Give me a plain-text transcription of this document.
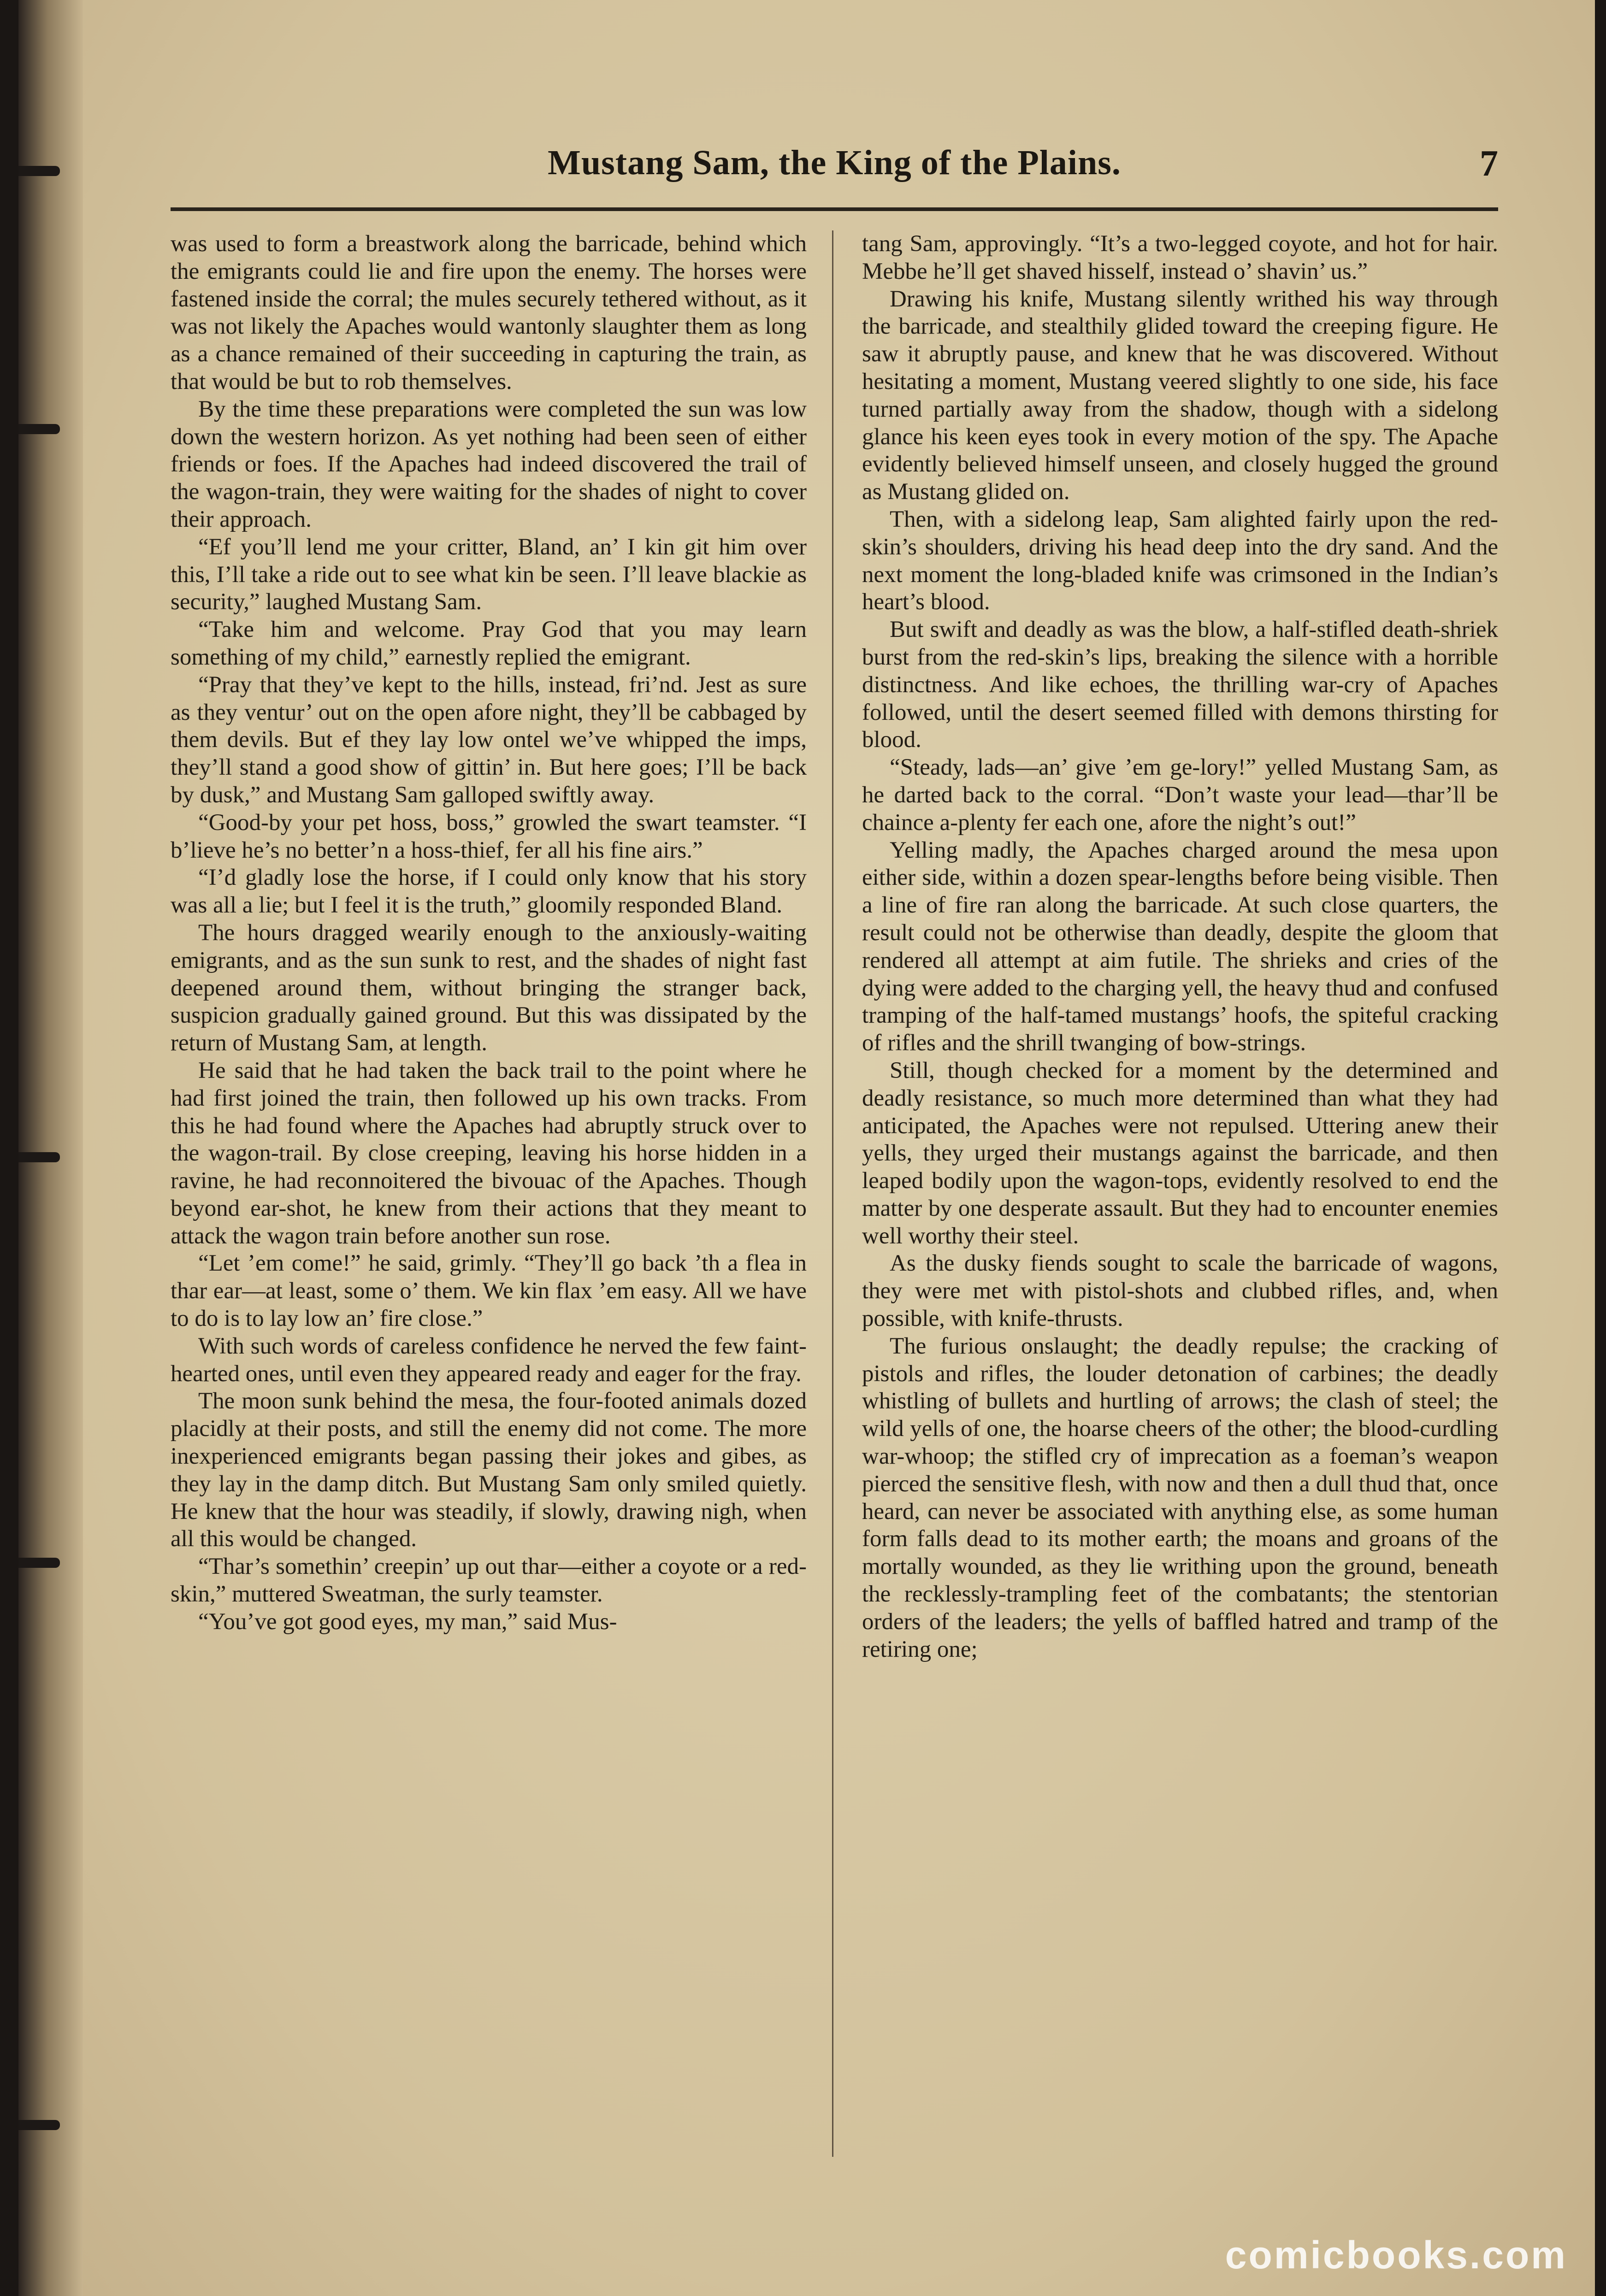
Mustang Sam, the King of the Plains.	7

was used to form a breastwork along the barricade, behind which the emigrants could lie and fire upon the enemy. The horses were fastened inside the corral; the mules securely tethered without, as it was not likely the Apaches would wantonly slaughter them as long as a chance remained of their succeeding in capturing the train, as that would be but to rob themselves.

By the time these preparations were completed the sun was low down the western horizon. As yet nothing had been seen of either friends or foes. If the Apaches had indeed discovered the trail of the wagon-train, they were waiting for the shades of night to cover their approach.

“Ef you’ll lend me your critter, Bland, an’ I kin git him over this, I’ll take a ride out to see what kin be seen. I’ll leave blackie as security,” laughed Mustang Sam.

“Take him and welcome. Pray God that you may learn something of my child,” earnestly replied the emigrant.

“Pray that they’ve kept to the hills, instead, fri’nd. Jest as sure as they ventur’ out on the open afore night, they’ll be cabbaged by them devils. But ef they lay low ontel we’ve whipped the imps, they’ll stand a good show of gittin’ in. But here goes; I’ll be back by dusk,” and Mustang Sam galloped swiftly away.

“Good-by your pet hoss, boss,” growled the swart teamster. “I b’lieve he’s no better’n a hoss-thief, fer all his fine airs.”

“I’d gladly lose the horse, if I could only know that his story was all a lie; but I feel it is the truth,” gloomily responded Bland.

The hours dragged wearily enough to the anxiously-waiting emigrants, and as the sun sunk to rest, and the shades of night fast deepened around them, without bringing the stranger back, suspicion gradually gained ground. But this was dissipated by the return of Mustang Sam, at length.

He said that he had taken the back trail to the point where he had first joined the train, then followed up his own tracks. From this he had found where the Apaches had abruptly struck over to the wagon-trail. By close creeping, leaving his horse hidden in a ravine, he had reconnoitered the bivouac of the Apaches. Though beyond ear-shot, he knew from their actions that they meant to attack the wagon train before another sun rose.

“Let ’em come!” he said, grimly. “They’ll go back ’th a flea in thar ear—at least, some o’ them. We kin flax ’em easy. All we have to do is to lay low an’ fire close.”

With such words of careless confidence he nerved the few faint-hearted ones, until even they appeared ready and eager for the fray.

The moon sunk behind the mesa, the four-footed animals dozed placidly at their posts, and still the enemy did not come. The more inexperienced emigrants began passing their jokes and gibes, as they lay in the damp ditch. But Mustang Sam only smiled quietly. He knew that the hour was steadily, if slowly, drawing nigh, when all this would be changed.

“Thar’s somethin’ creepin’ up out thar—either a coyote or a red-skin,” muttered Sweatman, the surly teamster.

“You’ve got good eyes, my man,” said Mus-

tang Sam, approvingly. “It’s a two-legged coyote, and hot for hair. Mebbe he’ll get shaved hisself, instead o’ shavin’ us.”

Drawing his knife, Mustang silently writhed his way through the barricade, and stealthily glided toward the creeping figure. He saw it abruptly pause, and knew that he was discovered. Without hesitating a moment, Mustang veered slightly to one side, his face turned partially away from the shadow, though with a sidelong glance his keen eyes took in every motion of the spy. The Apache evidently believed himself unseen, and closely hugged the ground as Mustang glided on.

Then, with a sidelong leap, Sam alighted fairly upon the red-skin’s shoulders, driving his head deep into the dry sand. And the next moment the long-bladed knife was crimsoned in the Indian’s heart’s blood.

But swift and deadly as was the blow, a half-stifled death-shriek burst from the red-skin’s lips, breaking the silence with a horrible distinctness. And like echoes, the thrilling war-cry of Apaches followed, until the desert seemed filled with demons thirsting for blood.

“Steady, lads—an’ give ’em ge-lory!” yelled Mustang Sam, as he darted back to the corral. “Don’t waste your lead—thar’ll be chaince a-plenty fer each one, afore the night’s out!”

Yelling madly, the Apaches charged around the mesa upon either side, within a dozen spear-lengths before being visible. Then a line of fire ran along the barricade. At such close quarters, the result could not be otherwise than deadly, despite the gloom that rendered all attempt at aim futile. The shrieks and cries of the dying were added to the charging yell, the heavy thud and confused tramping of the half-tamed mustangs’ hoofs, the spiteful cracking of rifles and the shrill twanging of bow-strings.

Still, though checked for a moment by the determined and deadly resistance, so much more determined than what they had anticipated, the Apaches were not repulsed. Uttering anew their yells, they urged their mustangs against the barricade, and then leaped bodily upon the wagon-tops, evidently resolved to end the matter by one desperate assault. But they had to encounter enemies well worthy their steel.

As the dusky fiends sought to scale the barricade of wagons, they were met with pistol-shots and clubbed rifles, and, when possible, with knife-thrusts.

The furious onslaught; the deadly repulse; the cracking of pistols and rifles, the louder detonation of carbines; the deadly whistling of bullets and hurtling of arrows; the clash of steel; the wild yells of one, the hoarse cheers of the other; the blood-curdling war-whoop; the stifled cry of imprecation as a foeman’s weapon pierced the sensitive flesh, with now and then a dull thud that, once heard, can never be associated with anything else, as some human form falls dead to its mother earth; the moans and groans of the mortally wounded, as they lie writhing upon the ground, beneath the recklessly-trampling feet of the combatants; the stentorian orders of the leaders; the yells of baffled hatred and tramp of the retiring one;

comicbooks.com
